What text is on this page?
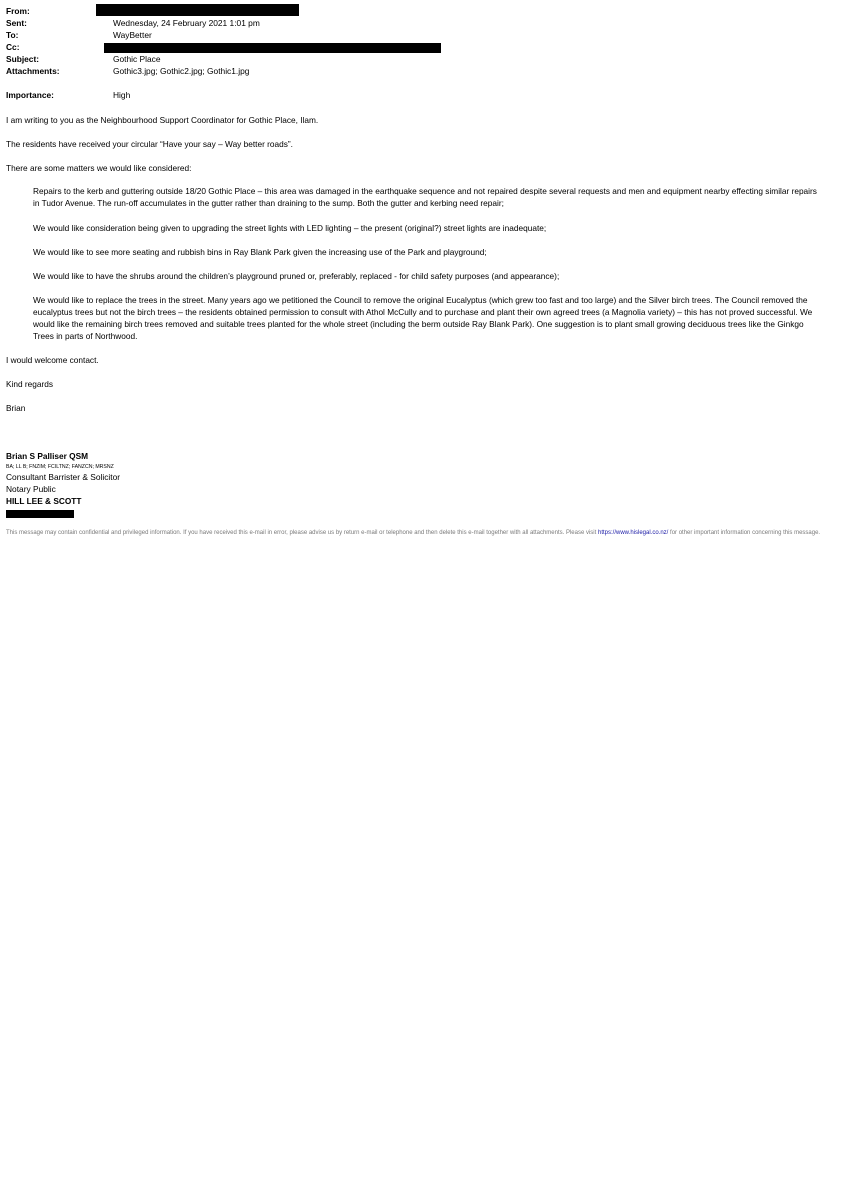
From:
Sent:	Wednesday, 24 February 2021 1:01 pm
To:	WayBetter
Cc:
Subject:	Gothic Place
Attachments:	Gothic3.jpg; Gothic2.jpg; Gothic1.jpg
Importance:	High
I am writing to you as the Neighbourhood Support Coordinator for Gothic Place, Ilam.
The residents have received your circular “Have your say – Way better roads”.
There are some matters we would like considered:
Repairs to the kerb and guttering outside 18/20 Gothic Place – this area was damaged in the earthquake sequence and not repaired despite several requests and men and equipment nearby effecting similar repairs in Tudor Avenue. The run-off accumulates in the gutter rather than draining to the sump. Both the gutter and kerbing need repair;
We would like consideration being given to upgrading the street lights with LED lighting – the present (original?) street lights are inadequate;
We would like to see more seating and rubbish bins in Ray Blank Park given the increasing use of the Park and playground;
We would like to have the shrubs around the children’s playground pruned or, preferably, replaced - for child safety purposes (and appearance);
We would like to replace the trees in the street. Many years ago we petitioned the Council to remove the original Eucalyptus (which grew too fast and too large) and the Silver birch trees. The Council removed the eucalyptus trees but not the birch trees – the residents obtained permission to consult with Athol McCully and to purchase and plant their own agreed trees (a Magnolia variety) – this has not proved successful. We would like the remaining birch trees removed and suitable trees planted for the whole street (including the berm outside Ray Blank Park). One suggestion is to plant small growing deciduous trees like the Ginkgo Trees in parts of Northwood.
I would welcome contact.
Kind regards
Brian
Brian S Palliser QSM
BA; LL B; FNZIM; FCILTNZ; FANZCN; MRSNZ
Consultant Barrister & Solicitor
Notary Public
HILL LEE & SCOTT
This message may contain confidential and privileged information. If you have received this e-mail in error, please advise us by return e-mail or telephone and then delete this e-mail together with all attachments. Please visit https://www.hislegal.co.nz/ for other important information concerning this message.
